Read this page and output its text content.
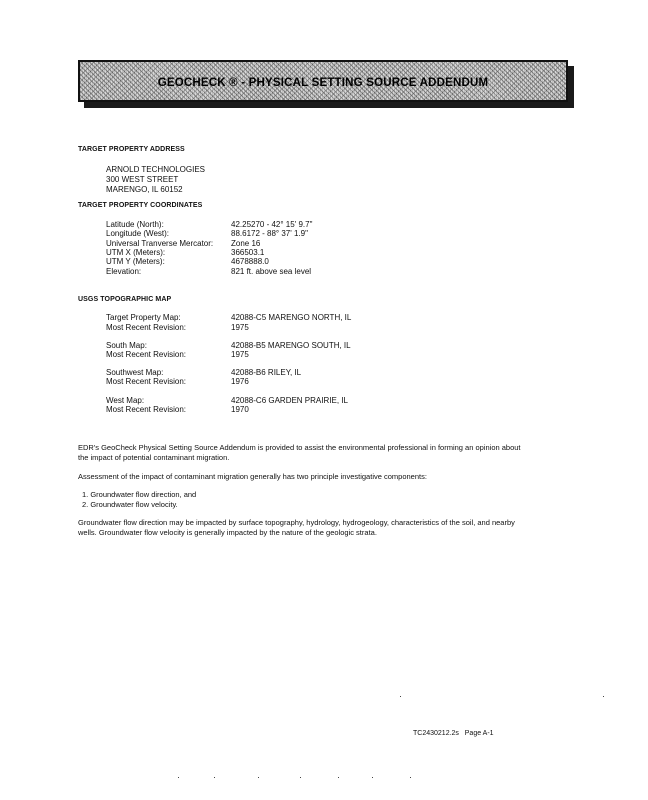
GEOCHECK ® - PHYSICAL SETTING SOURCE ADDENDUM
TARGET PROPERTY ADDRESS
ARNOLD TECHNOLOGIES
300 WEST STREET
MARENGO, IL 60152
TARGET PROPERTY COORDINATES
Latitude (North):	42.25270 - 42° 15' 9.7"
Longitude (West):	88.6172 - 88° 37' 1.9"
Universal Tranverse Mercator: Zone 16
UTM X (Meters):	366503.1
UTM Y (Meters):	4678888.0
Elevation:	821 ft. above sea level
USGS TOPOGRAPHIC MAP
Target Property Map:	42088-C5 MARENGO NORTH, IL
Most Recent Revision:	1975
South Map:	42088-B5 MARENGO SOUTH, IL
Most Recent Revision:	1975
Southwest Map:	42088-B6 RILEY, IL
Most Recent Revision:	1976
West Map:	42088-C6 GARDEN PRAIRIE, IL
Most Recent Revision:	1970
EDR's GeoCheck Physical Setting Source Addendum is provided to assist the environmental professional in forming an opinion about the impact of potential contaminant migration.
Assessment of the impact of contaminant migration generally has two principle investigative components:
1. Groundwater flow direction, and
2. Groundwater flow velocity.
Groundwater flow direction may be impacted by surface topography, hydrology, hydrogeology, characteristics of the soil, and nearby wells. Groundwater flow velocity is generally impacted by the nature of the geologic strata.
TC2430212.2s Page A-1
